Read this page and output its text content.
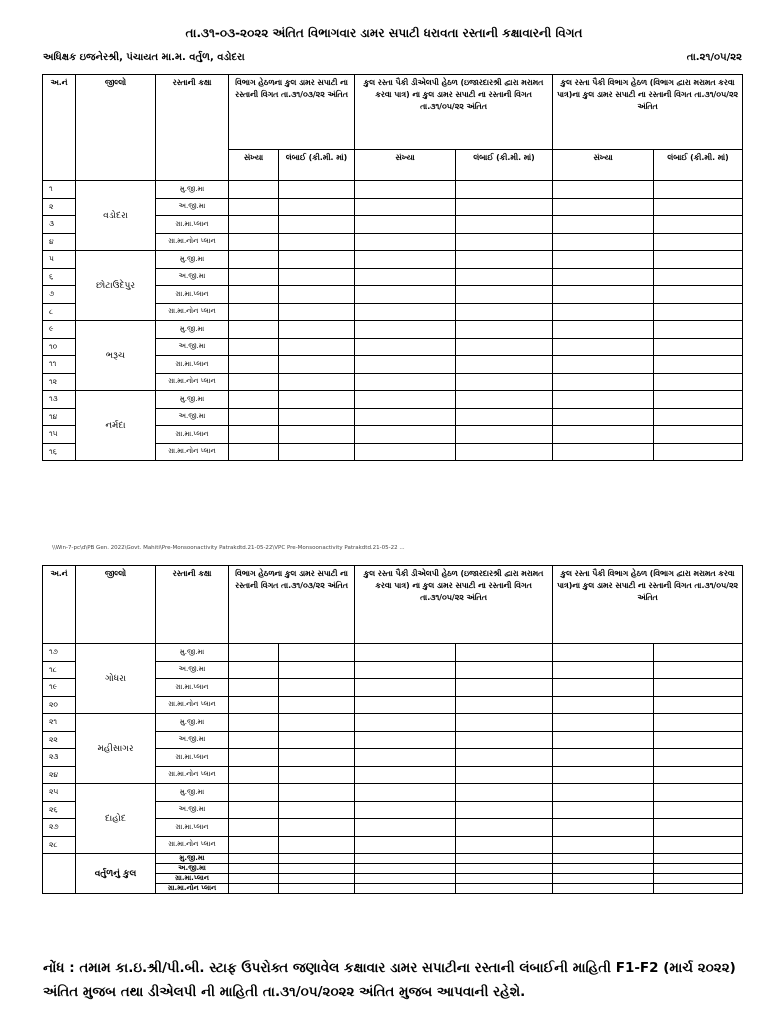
તા.૩૧-૦૩-૨૦૨૨ અંતિત વિભાગવાર ડામર સપાટી ધરાવતા રસ્તાની કક્ષાવારની વિગત
અધિક્ષક ઇજનેરશ્રી, પંચાયત મા.મ. વર્તુળ, વડોદરા	તા.૨૧/૦૫/૨૨
અ.નં	જીલ્લો	રસ્તાની કક્ષા	વિભાગ હેઠળના કુલ ડામર સપાટી ના રસ્તાની વિગત તા.૩૧/૦૩/૨૨ અંતિત		કુલ રસ્તા પૈકી ડીએલપી હેઠળ (ઇજારદારશ્રી દ્વારા મરામત કરવા પાત્ર) ના કુલ ડામર સપાટી ના રસ્તાની વિગત તા.૩૧/૦૫/૨૨ અંતિત		કુલ રસ્તા પૈકી વિભાગ હેઠળ (વિભાગ દ્વારા મરામત કરવા પાત્ર)ના કુલ ડામર સપાટી ના રસ્તાની વિગત તા.૩૧/૦૫/૨૨ અંતિત	
			સંખ્યા	લંબાઈ (કી.મી. માં)	સંખ્યા	લંબાઈ (કી.મી. માં)	સંખ્યા	લંબાઈ (કી.મી. માં)
૧	વડોદરા	મુ.જી.મા						
૨		અ.જી.મા						
૩		ગ્રા.મા.પ્લાન						
૪		ગ્રા.મા.નોન પ્લાન						
૫	છોટાઉદેપુર	મુ.જી.મા						
૬		અ.જી.મા						
૭		ગ્રા.મા.પ્લાન						
૮		ગ્રા.મા.નોન પ્લાન						
૯	ભરૂચ	મુ.જી.મા						
૧૦		અ.જી.મા						
૧૧		ગ્રા.મા.પ્લાન						
૧૨		ગ્રા.મા.નોન પ્લાન						
૧૩	નર્મદા	મુ.જી.મા						
૧૪		અ.જી.મા						
૧૫		ગ્રા.મા.પ્લાન						
૧૬		ગ્રા.મા.નોન પ્લાન						
\\Win-7-pc\d\PB Gen. 2022\Govt. Mahiti\Pre-Monsoonactivity Patrakdtd.21-05-22\VPC Pre-Monsoonactivity Patrakdtd.21-05-22 ...
અ.નં	જીલ્લો	રસ્તાની કક્ષા	વિભાગ હેઠળના કુલ ડામર સપાટી ના રસ્તાની વિગત તા.૩૧/૦૩/૨૨ અંતિત		કુલ રસ્તા પૈકી ડીએલપી હેઠળ (ઇજારદારશ્રી દ્વારા મરામત કરવા પાત્ર) ના કુલ ડામર સપાટી ના રસ્તાની વિગત તા.૩૧/૦૫/૨૨ અંતિત		કુલ રસ્તા પૈકી વિભાગ હેઠળ (વિભાગ દ્વારા મરામત કરવા પાત્ર)ના કુલ ડામર સપાટી ના રસ્તાની વિગત તા.૩૧/૦૫/૨૨ અંતિત	
૧૭	ગોધરા	મુ.જી.મા						
૧૮		અ.જી.મા						
૧૯		ગ્રા.મા.પ્લાન						
૨૦		ગ્રા.મા.નોન પ્લાન						
૨૧	મહીસાગર	મુ.જી.મા						
૨૨		અ.જી.મા						
૨૩		ગ્રા.મા.પ્લાન						
૨૪		ગ્રા.મા.નોન પ્લાન						
૨૫	દાહોદ	મુ.જી.મા						
૨૬		અ.જી.મા						
૨૭		ગ્રા.મા.પ્લાન						
૨૮		ગ્રા.મા.નોન પ્લાન						
	વર્તુળનું કુલ	મુ.જી.મા						
		અ.જી.મા						
		ગ્રા.મા.પ્લાન						
		ગ્રા.મા.નોન પ્લાન						
નોંધ : તમામ કા.ઇ.શ્રી/પી.બી. સ્ટાફ ઉપરોક્ત જણાવેલ કક્ષાવાર ડામર સપાટીના રસ્તાની લંબાઈની માહિતી F1-F2 (માર્ચ ૨૦૨૨) અંતિત મુજબ તથા ડીએલપી ની માહિતી તા.૩૧/૦૫/૨૦૨૨ અંતિત મુજબ આપવાની રહેશે.
